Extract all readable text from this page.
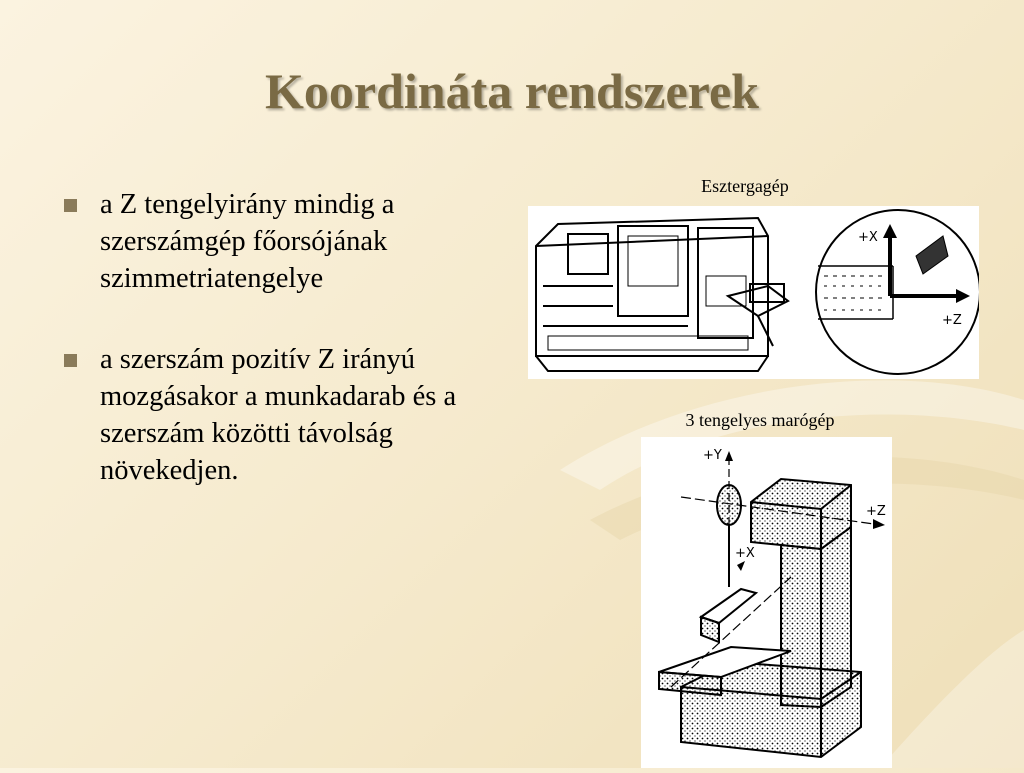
Koordináta rendszerek
a Z tengelyirány mindig a szerszámgép főorsójának szimmetriatengelye
a szerszám pozitív Z irányú mozgásakor a munkadarab és a szerszám közötti távolság növekedjen.
Esztergagép
+X
+Z
3 tengelyes marógép
+Y
+Z
+X
